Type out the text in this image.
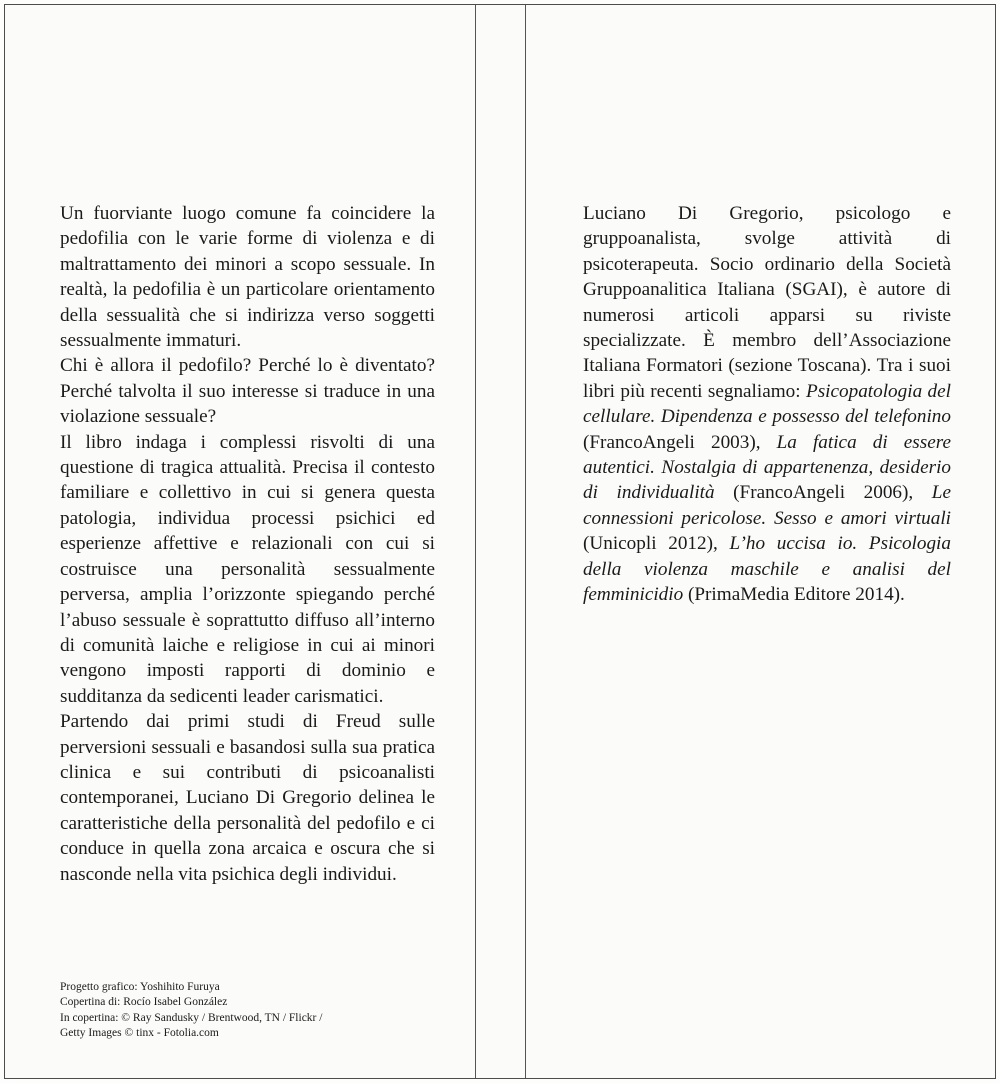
Un fuorviante luogo comune fa coincidere la pedofilia con le varie forme di violenza e di maltrattamento dei minori a scopo sessuale. In realtà, la pedofilia è un particolare orientamento della sessualità che si indirizza verso soggetti sessualmente immaturi.

Chi è allora il pedofilo? Perché lo è diventato? Perché talvolta il suo interesse si traduce in una violazione sessuale?

Il libro indaga i complessi risvolti di una questione di tragica attualità. Precisa il contesto familiare e collettivo in cui si genera questa patologia, individua processi psichici ed esperienze affettive e relazionali con cui si costruisce una personalità sessualmente perversa, amplia l’orizzonte spiegando perché l’abuso sessuale è soprattutto diffuso all’interno di comunità laiche e religiose in cui ai minori vengono imposti rapporti di dominio e sudditanza da sedicenti leader carismatici.

Partendo dai primi studi di Freud sulle perversioni sessuali e basandosi sulla sua pratica clinica e sui contributi di psicoanalisti contemporanei, Luciano Di Gregorio delinea le caratteristiche della personalità del pedofilo e ci conduce in quella zona arcaica e oscura che si nasconde nella vita psichica degli individui.

Luciano Di Gregorio, psicologo e gruppoanalista, svolge attività di psicoterapeuta. Socio ordinario della Società Gruppoanalitica Italiana (SGAI), è autore di numerosi articoli apparsi su riviste specializzate. È membro dell’Associazione Italiana Formatori (sezione Toscana). Tra i suoi libri più recenti segnaliamo: Psicopatologia del cellulare. Dipendenza e possesso del telefonino (FrancoAngeli 2003), La fatica di essere autentici. Nostalgia di appartenenza, desiderio di individualità (FrancoAngeli 2006), Le connessioni pericolose. Sesso e amori virtuali (Unicopli 2012), L’ho uccisa io. Psicologia della violenza maschile e analisi del femminicidio (PrimaMedia Editore 2014).

Progetto grafico: Yoshihito Furuya
Copertina di: Rocío Isabel González
In copertina: © Ray Sandusky / Brentwood, TN / Flickr /
Getty Images © tinx - Fotolia.com
